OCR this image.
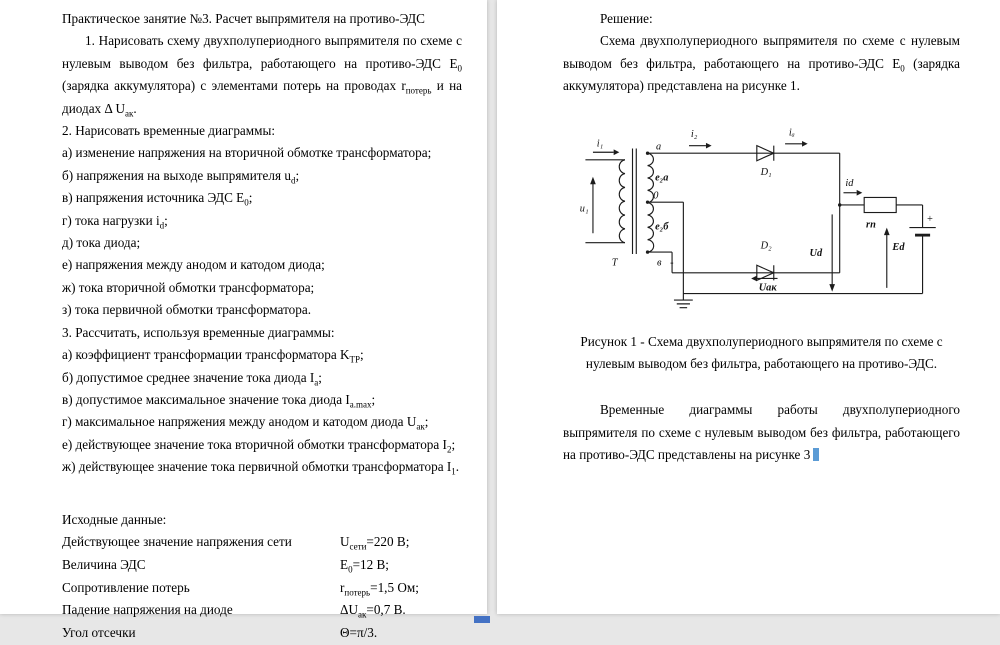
Практическое занятие №3. Расчет выпрямителя на противо-ЭДС

1. Нарисовать схему двухполупериодного выпрямителя по схеме с нулевым выводом без фильтра, работающего на противо-ЭДС $E_0$ (зарядка аккумулятора) с элементами потерь на проводах $r_{потерь}$ и на диодах Δ $U_{ак}$.

2. Нарисовать временные диаграммы:

а) изменение напряжения на вторичной обмотке трансформатора;

б) напряжения на выходе выпрямителя $u_d$;

в) напряжения источника ЭДС $E_0$;

г) тока нагрузки $i_d$;

д) тока диода;

е) напряжения между анодом и катодом диода;

ж) тока вторичной обмотки трансформатора;

з) тока первичной обмотки трансформатора.

3. Рассчитать, используя временные диаграммы:

а) коэффициент трансформации трансформатора $K_{ТР}$;

б) допустимое среднее значение тока диода $I_а$;

в) допустимое максимальное значение тока диода $I_{а.max}$;

г) максимальное напряжения между анодом и катодом диода $U_{ак}$;

е) действующее значение тока вторичной обмотки трансформатора $I_2$;

ж) действующее значение тока первичной обмотки трансформатора $I_1$.

Исходные данные:

Действующее значение напряжения сети	$U_{сети}=220$ В;
Величина ЭДС	$E_0=12$ В;
Сопротивление потерь	$r_{потерь}=1,5$ Ом;
Падение напряжения на диоде	$\Delta U_{ак}=0,7$ В.
Угол отсечки	Θ=π/3.

Решение:

Схема двухполупериодного выпрямителя по схеме с нулевым выводом без фильтра, работающего на противо-ЭДС $E_0$ (зарядка аккумулятора) представлена на рисунке 1.

i₁
u₁
T
a
e₂а
0
e₂б
в -
i₂
D₁
iₐ
D₂
Uак
id
rп
Ud
Ed
+

Рисунок 1 - Схема двухполупериодного выпрямителя по схеме с нулевым выводом без фильтра, работающего на противо-ЭДС.

Временные диаграммы работы двухполупериодного выпрямителя по схеме с нулевым выводом без фильтра, работающего на противо-ЭДС представлены на рисунке 3
